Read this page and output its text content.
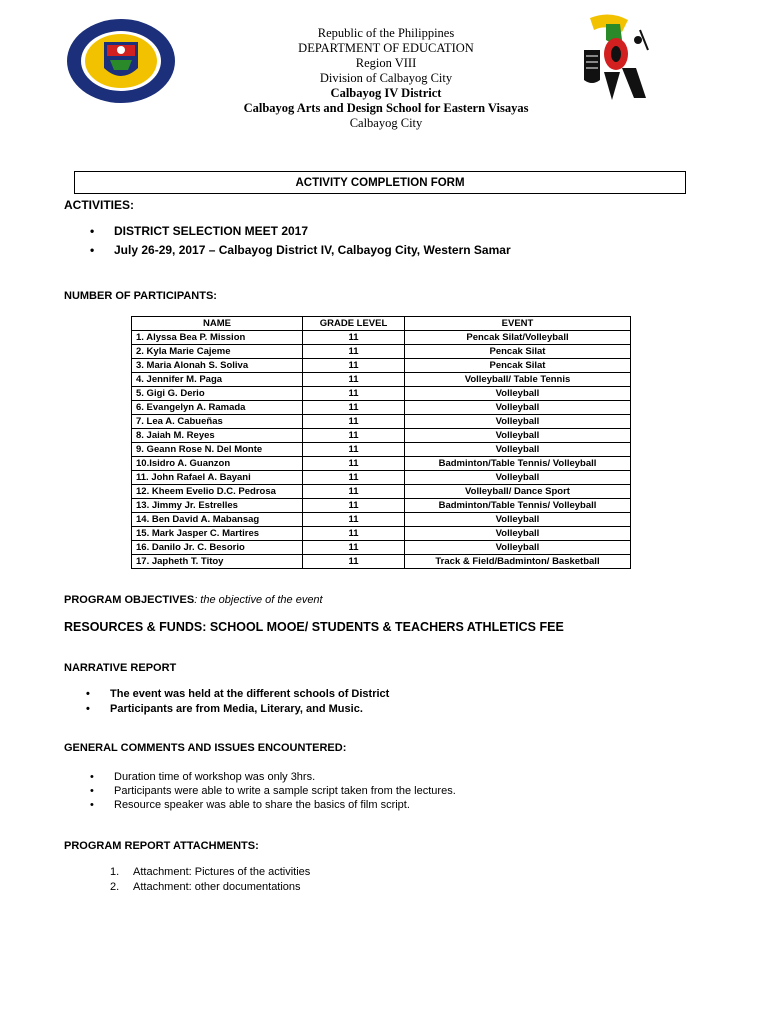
Republic of the Philippines
DEPARTMENT OF EDUCATION
Region VIII
Division of Calbayog City
Calbayog IV District
Calbayog Arts and Design School for Eastern Visayas
Calbayog City
ACTIVITY COMPLETION FORM
ACTIVITIES:
• DISTRICT SELECTION MEET 2017
• July 26-29, 2017 – Calbayog District IV, Calbayog City, Western Samar
NUMBER OF PARTICIPANTS:
NAME	GRADE LEVEL	EVENT
1. Alyssa Bea P. Mission	11	Pencak Silat/Volleyball
2. Kyla Marie Cajeme	11	Pencak Silat
3. Maria Alonah S. Soliva	11	Pencak Silat
4. Jennifer M. Paga	11	Volleyball/ Table Tennis
5. Gigi G. Derio	11	Volleyball
6. Evangelyn A. Ramada	11	Volleyball
7. Lea A. Cabueñas	11	Volleyball
8. Jaiah M. Reyes	11	Volleyball
9. Geann Rose N. Del Monte	11	Volleyball
10.Isidro A. Guanzon	11	Badminton/Table Tennis/ Volleyball
11. John Rafael A. Bayani	11	Volleyball
12. Kheem Evelio D.C. Pedrosa	11	Volleyball/ Dance Sport
13. Jimmy Jr. Estrelles	11	Badminton/Table Tennis/ Volleyball
14. Ben David A. Mabansag	11	Volleyball
15. Mark Jasper C. Martires	11	Volleyball
16. Danilo Jr. C. Besorio	11	Volleyball
17. Japheth T. Titoy	11	Track & Field/Badminton/ Basketball
PROGRAM OBJECTIVES: the objective of the event
RESOURCES & FUNDS: SCHOOL MOOE/ STUDENTS & TEACHERS ATHLETICS FEE
NARRATIVE REPORT
• The event was held at the different schools of District
• Participants are from Media, Literary, and Music.
GENERAL COMMENTS AND ISSUES ENCOUNTERED:
• Duration time of workshop was only 3hrs.
• Participants were able to write a sample script taken from the lectures.
• Resource speaker was able to share the basics of film script.
PROGRAM REPORT ATTACHMENTS:
1. Attachment: Pictures of the activities
2. Attachment: other documentations
